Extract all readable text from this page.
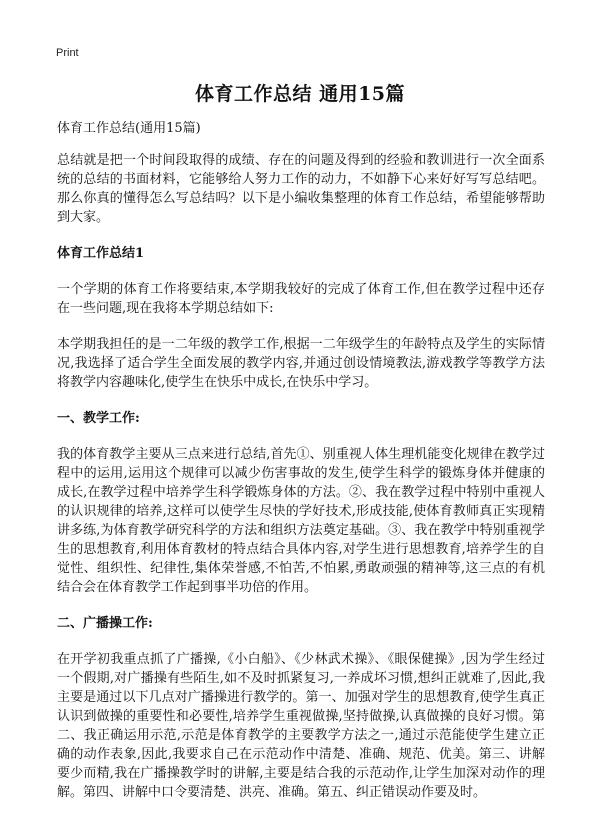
Print
体育工作总结 通用15篇

体育工作总结(通用15篇)

总结就是把一个时间段取得的成绩、存在的问题及得到的经验和教训进行一次全面系统的总结的书面材料，它能够给人努力工作的动力，不如静下心来好好写写总结吧。那么你真的懂得怎么写总结吗？以下是小编收集整理的体育工作总结，希望能够帮助到大家。

体育工作总结1

一个学期的体育工作将要结束,本学期我较好的完成了体育工作,但在教学过程中还存在一些问题,现在我将本学期总结如下:

本学期我担任的是一二年级的教学工作,根据一二年级学生的年龄特点及学生的实际情况,我选择了适合学生全面发展的教学内容,并通过创设情境教法,游戏教学等教学方法将教学内容趣味化,使学生在快乐中成长,在快乐中学习。

一、教学工作:

我的体育教学主要从三点来进行总结,首先①、别重视人体生理机能变化规律在教学过程中的运用,运用这个规律可以减少伤害事故的发生,使学生科学的锻炼身体并健康的成长,在教学过程中培养学生科学锻炼身体的方法。②、我在教学过程中特别中重视人的认识规律的培养,这样可以使学生尽快的学好技术,形成技能,使体育教师真正实现精讲多练,为体育教学研究科学的方法和组织方法奠定基础。③、我在教学中特别重视学生的思想教育,利用体育教材的特点结合具体内容,对学生进行思想教育,培养学生的自觉性、组织性、纪律性,集体荣誉感,不怕苦,不怕累,勇敢顽强的精神等,这三点的有机结合会在体育教学工作起到事半功倍的作用。

二、广播操工作:

在开学初我重点抓了广播操,《小白船》、《少林武术操》、《眼保健操》,因为学生经过一个假期,对广播操有些陌生,如不及时抓紧复习,一养成坏习惯,想纠正就难了,因此,我主要是通过以下几点对广播操进行教学的。第一、加强对学生的思想教育,使学生真正认识到做操的重要性和必要性,培养学生重视做操,坚持做操,认真做操的良好习惯。第二、我正确运用示范,示范是体育教学的主要教学方法之一,通过示范能使学生建立正确的动作表象,因此,我要求自己在示范动作中清楚、准确、规范、优美。第三、讲解要少而精,我在广播操教学时的讲解,主要是结合我的示范动作,让学生加深对动作的理解。第四、讲解中口令要清楚、洪亮、准确。第五、纠正错误动作要及时。
